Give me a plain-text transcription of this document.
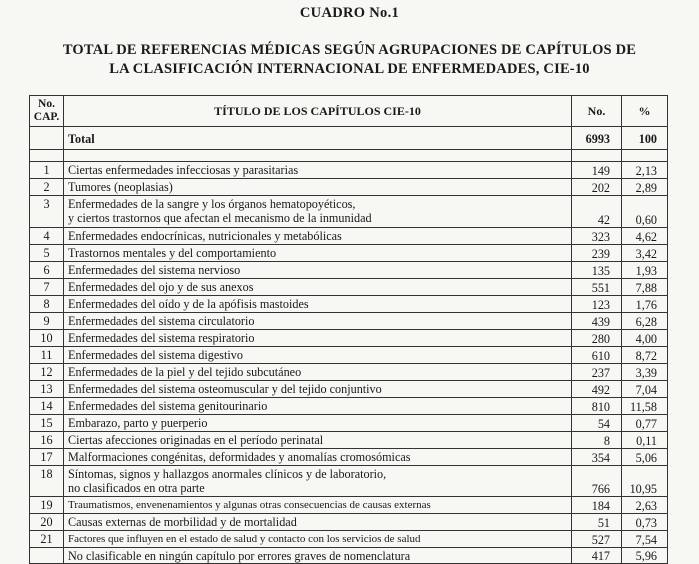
CUADRO No.1
TOTAL DE REFERENCIAS MÉDICAS SEGÚN AGRUPACIONES DE CAPÍTULOS DE
LA CLASIFICACIÓN INTERNACIONAL DE ENFERMEDADES, CIE-10
No.
CAP.	TÍTULO DE LOS CAPÍTULOS CIE-10	No.	%
	Total	6993	100

1	Ciertas enfermedades infecciosas y parasitarias	149	2,13
2	Tumores (neoplasias)	202	2,89
3	Enfermedades de la sangre y los órganos hematopoyéticos,
y ciertos trastornos que afectan el mecanismo de la inmunidad	42	0,60
4	Enfermedades endocrínicas, nutricionales y metabólicas	323	4,62
5	Trastornos mentales y del comportamiento	239	3,42
6	Enfermedades del sistema nervioso	135	1,93
7	Enfermedades del ojo y de sus anexos	551	7,88
8	Enfermedades del oído y de la apófisis mastoides	123	1,76
9	Enfermedades del sistema circulatorio	439	6,28
10	Enfermedades del sistema respiratorio	280	4,00
11	Enfermedades del sistema digestivo	610	8,72
12	Enfermedades de la piel y del tejido subcutáneo	237	3,39
13	Enfermedades del sistema osteomuscular y del tejido conjuntivo	492	7,04
14	Enfermedades del sistema genitourinario	810	11,58
15	Embarazo, parto y puerperio	54	0,77
16	Ciertas afecciones originadas en el período perinatal	8	0,11
17	Malformaciones congénitas, deformidades y anomalías cromosómicas	354	5,06
18	Síntomas, signos y hallazgos anormales clínicos y de laboratorio,
no clasificados en otra parte	766	10,95
19	Traumatismos, envenenamientos y algunas otras consecuencias de causas externas	184	2,63
20	Causas externas de morbilidad y de mortalidad	51	0,73
21	Factores que influyen en el estado de salud y contacto con los servicios de salud	527	7,54

	No clasificable en ningún capítulo por errores graves de nomenclatura	417	5,96
